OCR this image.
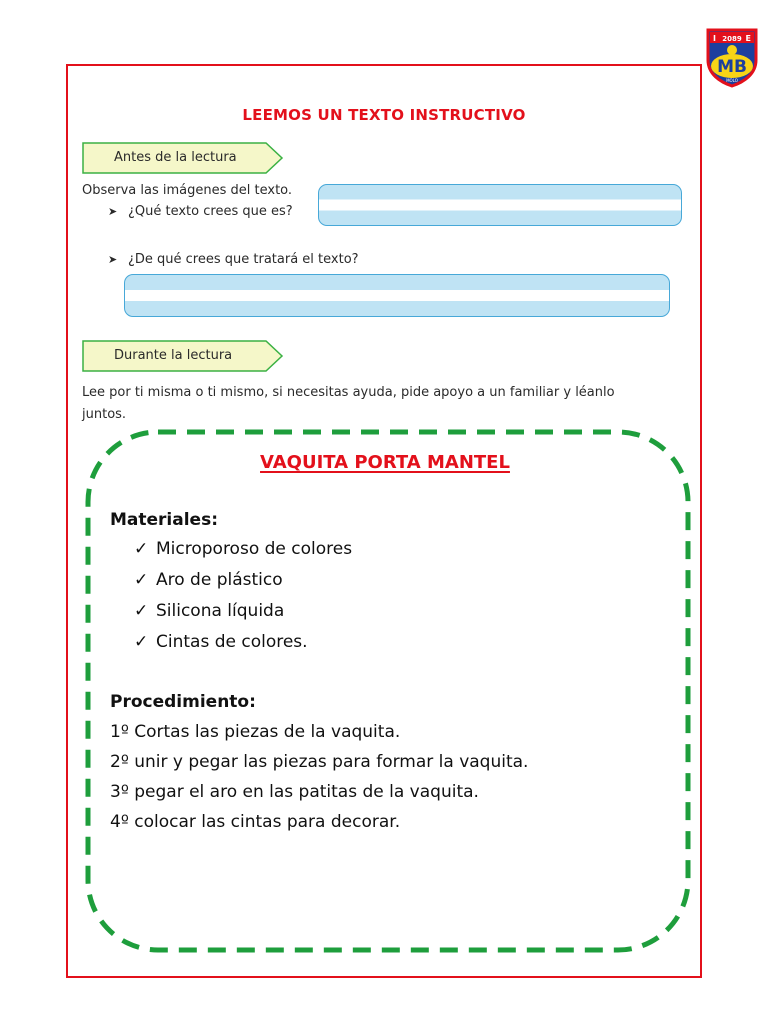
I 2089 E
MB
MOLO
LEEMOS UN TEXTO INSTRUCTIVO
Antes de la lectura
Observa las imágenes del texto.
➤ ¿Qué texto crees que es?
➤ ¿De qué crees que tratará el texto?
Durante la lectura
Lee por ti misma o ti mismo, si necesitas ayuda, pide apoyo a un familiar y léanlo
juntos.
VAQUITA PORTA MANTEL
Materiales:
✓ Microporoso de colores
✓ Aro de plástico
✓ Silicona líquida
✓ Cintas de colores.
Procedimiento:
1º Cortas las piezas de la vaquita.
2º unir y pegar las piezas para formar la vaquita.
3º pegar el aro en las patitas de la vaquita.
4º colocar las cintas para decorar.
